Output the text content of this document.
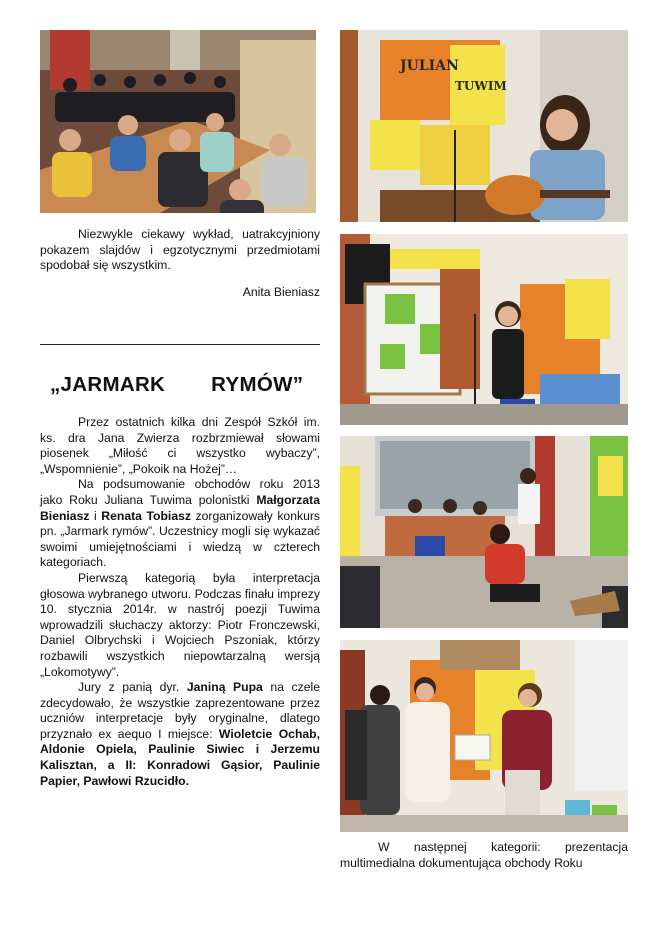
JULIAN
TUWIM

Niezwykle ciekawy wykład, uatrakcyjniony pokazem slajdów i egzotycznymi przedmiotami spodobał się wszystkim.

Anita Bieniasz
„JARMARK RYMÓW”

Przez ostatnich kilka dni Zespół Szkół im. ks. dra Jana Zwierza rozbrzmiewał słowami piosenek „Miłość ci wszystko wybaczy”, „Wspomnienie”, „Pokoik na Hożej”…

Na podsumowanie obchodów roku 2013 jako Roku Juliana Tuwima polonistki Małgorzata Bieniasz i Renata Tobiasz zorganizowały konkurs pn. „Jarmark rymów”. Uczestnicy mogli się wykazać swoimi umiejętnościami i wiedzą w czterech kategoriach.

Pierwszą kategorią była interpretacja głosowa wybranego utworu. Podczas finału imprezy 10. stycznia 2014r. w nastrój poezji Tuwima wprowadzili słuchaczy aktorzy: Piotr Fronczewski, Daniel Olbrychski i Wojciech Pszoniak, którzy rozbawili wszystkich niepowtarzalną wersją „Lokomotywy”.

Jury z panią dyr. Janiną Pupa na czele zdecydowało, że wszystkie zaprezentowane przez uczniów interpretacje były oryginalne, dlatego przyznało ex aequo I miejsce: Wioletcie Ochab, Aldonie Opiela, Paulinie Siwiec i Jerzemu Kalisztan, a II: Konradowi Gąsior, Paulinie Papier, Pawłowi Rzucidło.

W następnej kategorii: prezentacja multimedialna dokumentująca obchody Roku
